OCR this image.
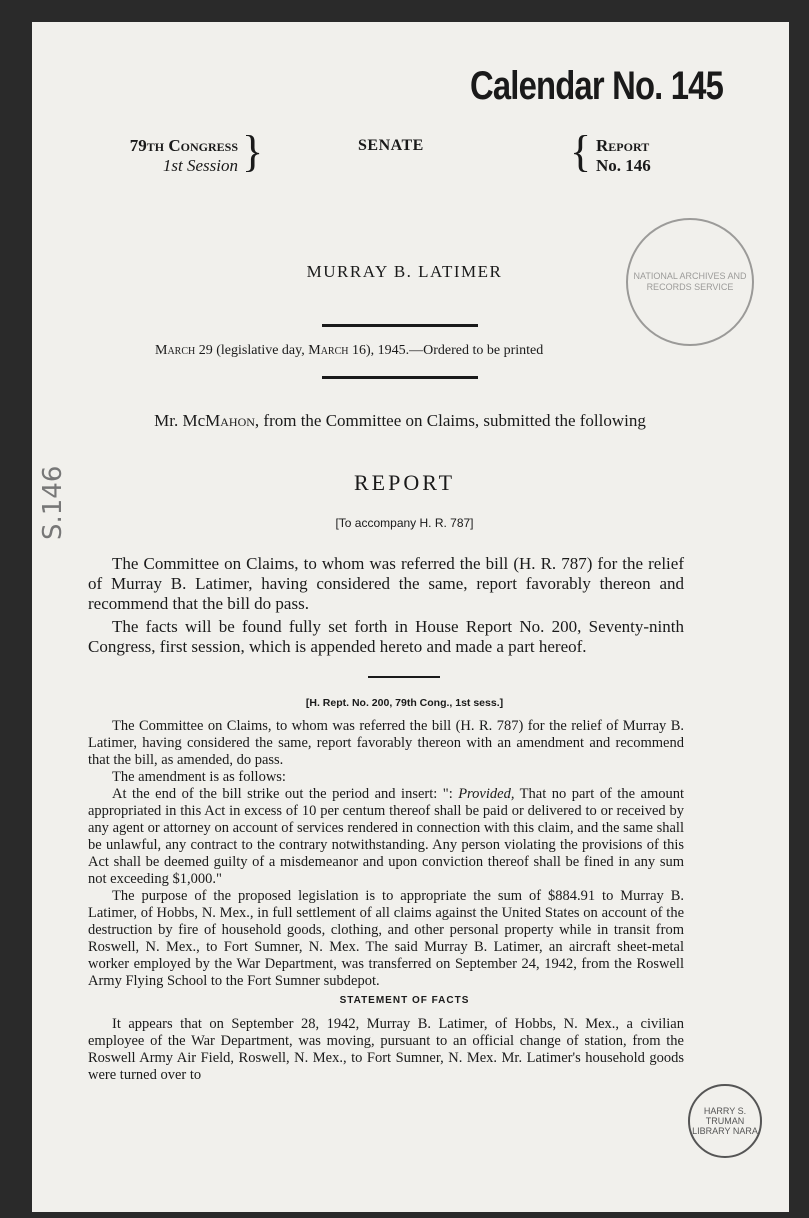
Calendar No. 145
79th Congress
1st Session }	SENATE	{ Report
No. 146
NATIONAL ARCHIVES AND RECORDS SERVICE
MURRAY B. LATIMER
March 29 (legislative day, March 16), 1945.—Ordered to be printed
Mr. McMahon, from the Committee on Claims, submitted the following
REPORT
[To accompany H. R. 787]

The Committee on Claims, to whom was referred the bill (H. R. 787) for the relief of Murray B. Latimer, having considered the same, report favorably thereon and recommend that the bill do pass.

The facts will be found fully set forth in House Report No. 200, Seventy-ninth Congress, first session, which is appended hereto and made a part hereof.

[H. Rept. No. 200, 79th Cong., 1st sess.]

The Committee on Claims, to whom was referred the bill (H. R. 787) for the relief of Murray B. Latimer, having considered the same, report favorably thereon with an amendment and recommend that the bill, as amended, do pass.

The amendment is as follows:

At the end of the bill strike out the period and insert: ": Provided, That no part of the amount appropriated in this Act in excess of 10 per centum thereof shall be paid or delivered to or received by any agent or attorney on account of services rendered in connection with this claim, and the same shall be unlawful, any contract to the contrary notwithstanding. Any person violating the provisions of this Act shall be deemed guilty of a misdemeanor and upon conviction thereof shall be fined in any sum not exceeding $1,000."

The purpose of the proposed legislation is to appropriate the sum of $884.91 to Murray B. Latimer, of Hobbs, N. Mex., in full settlement of all claims against the United States on account of the destruction by fire of household goods, clothing, and other personal property while in transit from Roswell, N. Mex., to Fort Sumner, N. Mex. The said Murray B. Latimer, an aircraft sheet-metal worker employed by the War Department, was transferred on September 24, 1942, from the Roswell Army Flying School to the Fort Sumner subdepot.

STATEMENT OF FACTS

It appears that on September 28, 1942, Murray B. Latimer, of Hobbs, N. Mex., a civilian employee of the War Department, was moving, pursuant to an official change of station, from the Roswell Army Air Field, Roswell, N. Mex., to Fort Sumner, N. Mex. Mr. Latimer's household goods were turned over to

HARRY S. TRUMAN LIBRARY NARA
S.146
